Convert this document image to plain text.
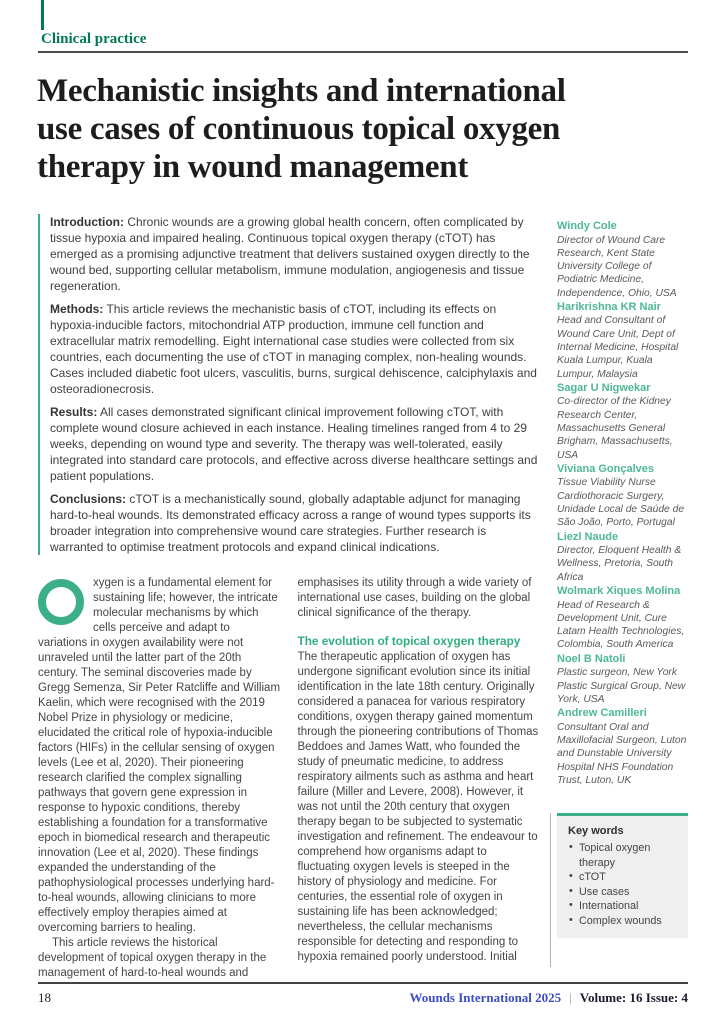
Clinical practice
Mechanistic insights and international
use cases of continuous topical oxygen
therapy in wound management

Introduction: Chronic wounds are a growing global health concern, often complicated by tissue hypoxia and impaired healing. Continuous topical oxygen therapy (cTOT) has emerged as a promising adjunctive treatment that delivers sustained oxygen directly to the wound bed, supporting cellular metabolism, immune modulation, angiogenesis and tissue regeneration.

Methods: This article reviews the mechanistic basis of cTOT, including its effects on hypoxia-inducible factors, mitochondrial ATP production, immune cell function and extracellular matrix remodelling. Eight international case studies were collected from six countries, each documenting the use of cTOT in managing complex, non-healing wounds. Cases included diabetic foot ulcers, vasculitis, burns, surgical dehiscence, calciphylaxis and osteoradionecrosis.

Results: All cases demonstrated significant clinical improvement following cTOT, with complete wound closure achieved in each instance. Healing timelines ranged from 4 to 29 weeks, depending on wound type and severity. The therapy was well-tolerated, easily integrated into standard care protocols, and effective across diverse healthcare settings and patient populations.

Conclusions: cTOT is a mechanistically sound, globally adaptable adjunct for managing hard-to-heal wounds. Its demonstrated efficacy across a range of wound types supports its broader integration into comprehensive wound care strategies. Further research is warranted to optimise treatment protocols and expand clinical indications.

xygen is a fundamental element for sustaining life; however, the intricate molecular mechanisms by which cells perceive and adapt to variations in oxygen availability were not unraveled until the latter part of the 20th century. The seminal discoveries made by Gregg Semenza, Sir Peter Ratcliffe and William Kaelin, which were recognised with the 2019 Nobel Prize in physiology or medicine, elucidated the critical role of hypoxia-inducible factors (HIFs) in the cellular sensing of oxygen levels (Lee et al, 2020). Their pioneering research clarified the complex signalling pathways that govern gene expression in response to hypoxic conditions, thereby establishing a foundation for a transformative epoch in biomedical research and therapeutic innovation (Lee et al, 2020). These findings expanded the understanding of the pathophysiological processes underlying hard-to-heal wounds, allowing clinicians to more effectively employ therapies aimed at overcoming barriers to healing.

This article reviews the historical development of topical oxygen therapy in the management of hard-to-heal wounds and

emphasises its utility through a wide variety of international use cases, building on the global clinical significance of the therapy.

The evolution of topical oxygen therapy

The therapeutic application of oxygen has undergone significant evolution since its initial identification in the late 18th century. Originally considered a panacea for various respiratory conditions, oxygen therapy gained momentum through the pioneering contributions of Thomas Beddoes and James Watt, who founded the study of pneumatic medicine, to address respiratory ailments such as asthma and heart failure (Miller and Levere, 2008). However, it was not until the 20th century that oxygen therapy began to be subjected to systematic investigation and refinement. The endeavour to comprehend how organisms adapt to fluctuating oxygen levels is steeped in the history of physiology and medicine. For centuries, the essential role of oxygen in sustaining life has been acknowledged; nevertheless, the cellular mechanisms responsible for detecting and responding to hypoxia remained poorly understood. Initial

Windy Cole
Director of Wound Care Research, Kent State University College of Podiatric Medicine, Independence, Ohio, USA
Harikrishna KR Nair
Head and Consultant of Wound Care Unit, Dept of Internal Medicine, Hospital Kuala Lumpur, Kuala Lumpur, Malaysia
Sagar U Nigwekar
Co-director of the Kidney Research Center, Massachusetts General Brigham, Massachusetts, USA
Viviana Gonçalves
Tissue Viability Nurse Cardiothoracic Surgery, Unidade Local de Saúde de São João, Porto, Portugal
Liezl Naude
Director, Eloquent Health & Wellness, Pretoria, South Africa
Wolmark Xiques Molina
Head of Research & Development Unit, Cure Latam Health Technologies, Colombia, South America
Noel B Natoli
Plastic surgeon, New York Plastic Surgical Group, New York, USA
Andrew Camilleri
Consultant Oral and Maxillofacial Surgeon, Luton and Dunstable University Hospital NHS Foundation Trust, Luton, UK
Key words
• Topical oxygen therapy
• cTOT
• Use cases
• International
• Complex wounds
18	Wounds International 2025 | Volume: 16 Issue: 4
